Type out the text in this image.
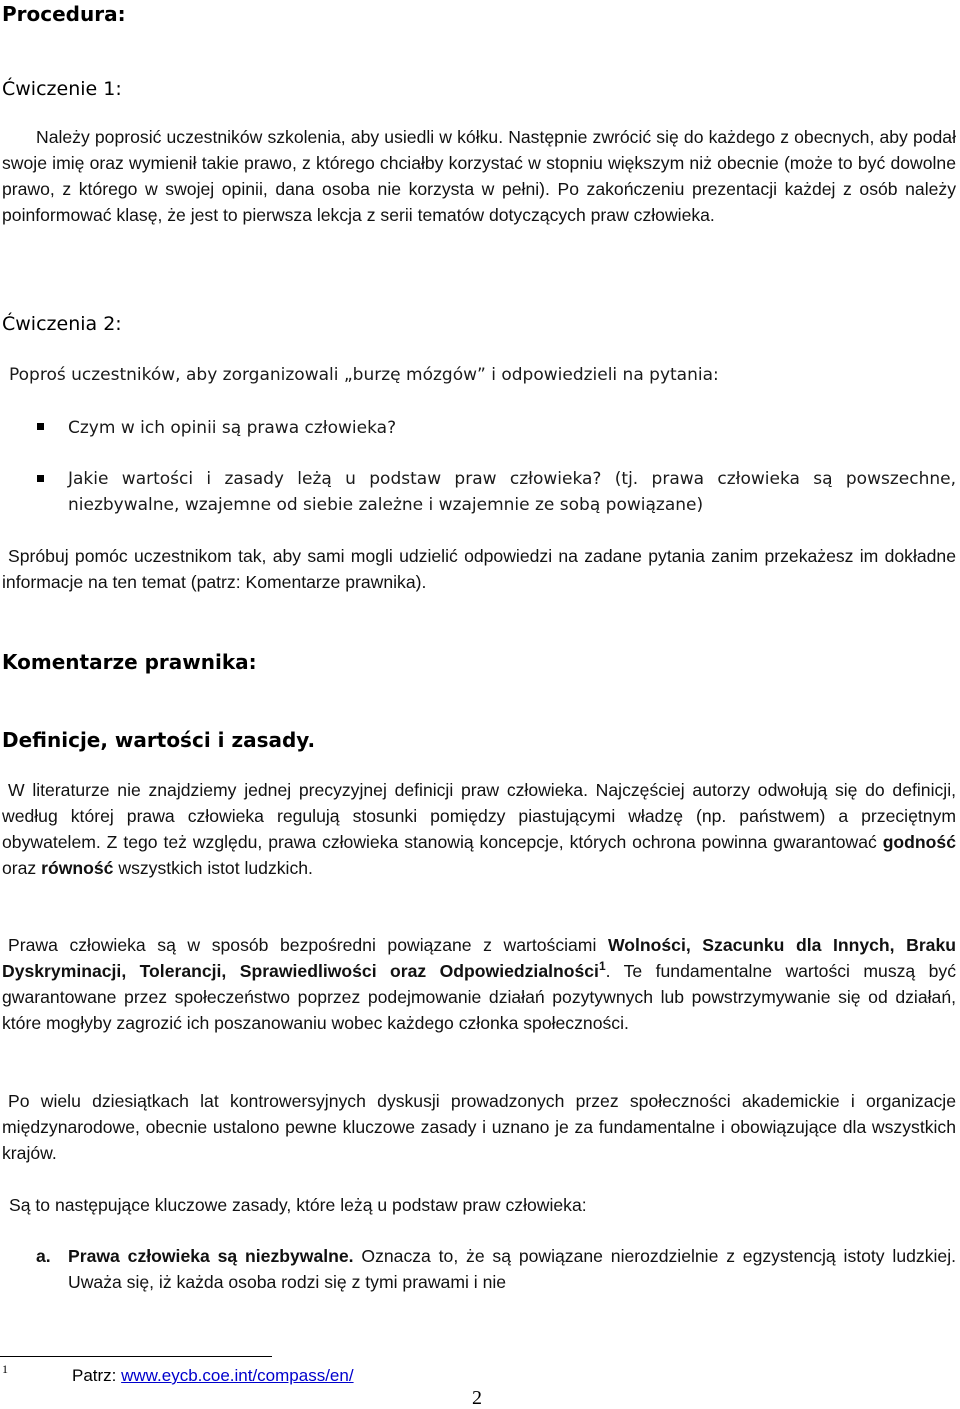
Procedura:
Ćwiczenie 1:

Należy poprosić uczestników szkolenia, aby usiedli w kółku. Następnie zwrócić się do każdego z obecnych, aby podał swoje imię oraz wymienił takie prawo, z którego chciałby korzystać w stopniu większym niż obecnie (może to być dowolne prawo, z którego w swojej opinii, dana osoba nie korzysta w pełni). Po zakończeniu prezentacji każdej z osób należy poinformować klasę, że jest to pierwsza lekcja z serii tematów dotyczących praw człowieka.

Ćwiczenia 2:
Poproś uczestników, aby zorganizowali „burzę mózgów” i odpowiedzieli na pytania:
Czym w ich opinii są prawa człowieka?

Jakie wartości i zasady leżą u podstaw praw człowieka? (tj. prawa człowieka są powszechne, niezbywalne, wzajemne od siebie zależne i wzajemnie ze sobą powiązane)

Spróbuj pomóc uczestnikom tak, aby sami mogli udzielić odpowiedzi na zadane pytania zanim przekażesz im dokładne informacje na ten temat (patrz: Komentarze prawnika).

Komentarze prawnika:
Definicje, wartości i zasady.

W literaturze nie znajdziemy jednej precyzyjnej definicji praw człowieka. Najczęściej autorzy odwołują się do definicji, według której prawa człowieka regulują stosunki pomiędzy piastującymi władzę (np. państwem) a przeciętnym obywatelem. Z tego też względu, prawa człowieka stanowią koncepcje, których ochrona powinna gwarantować godność oraz równość wszystkich istot ludzkich.

Prawa człowieka są w sposób bezpośredni powiązane z wartościami Wolności, Szacunku dla Innych, Braku Dyskryminacji, Tolerancji, Sprawiedliwości oraz Odpowiedzialności$^1$. Te fundamentalne wartości muszą być gwarantowane przez społeczeństwo poprzez podejmowanie działań pozytywnych lub powstrzymywanie się od działań, które mogłyby zagrozić ich poszanowaniu wobec każdego członka społeczności.

Po wielu dziesiątkach lat kontrowersyjnych dyskusji prowadzonych przez społeczności akademickie i organizacje międzynarodowe, obecnie ustalono pewne kluczowe zasady i uznano je za fundamentalne i obowiązujące dla wszystkich krajów.

Są to następujące kluczowe zasady, które leżą u podstaw praw człowieka:
a. Prawa człowieka są niezbywalne. Oznacza to, że są powiązane nierozdzielnie z egzystencją istoty ludzkiej. Uważa się, iż każda osoba rodzi się z tymi prawami i nie

1	Patrz: www.eycb.coe.int/compass/en/
2
